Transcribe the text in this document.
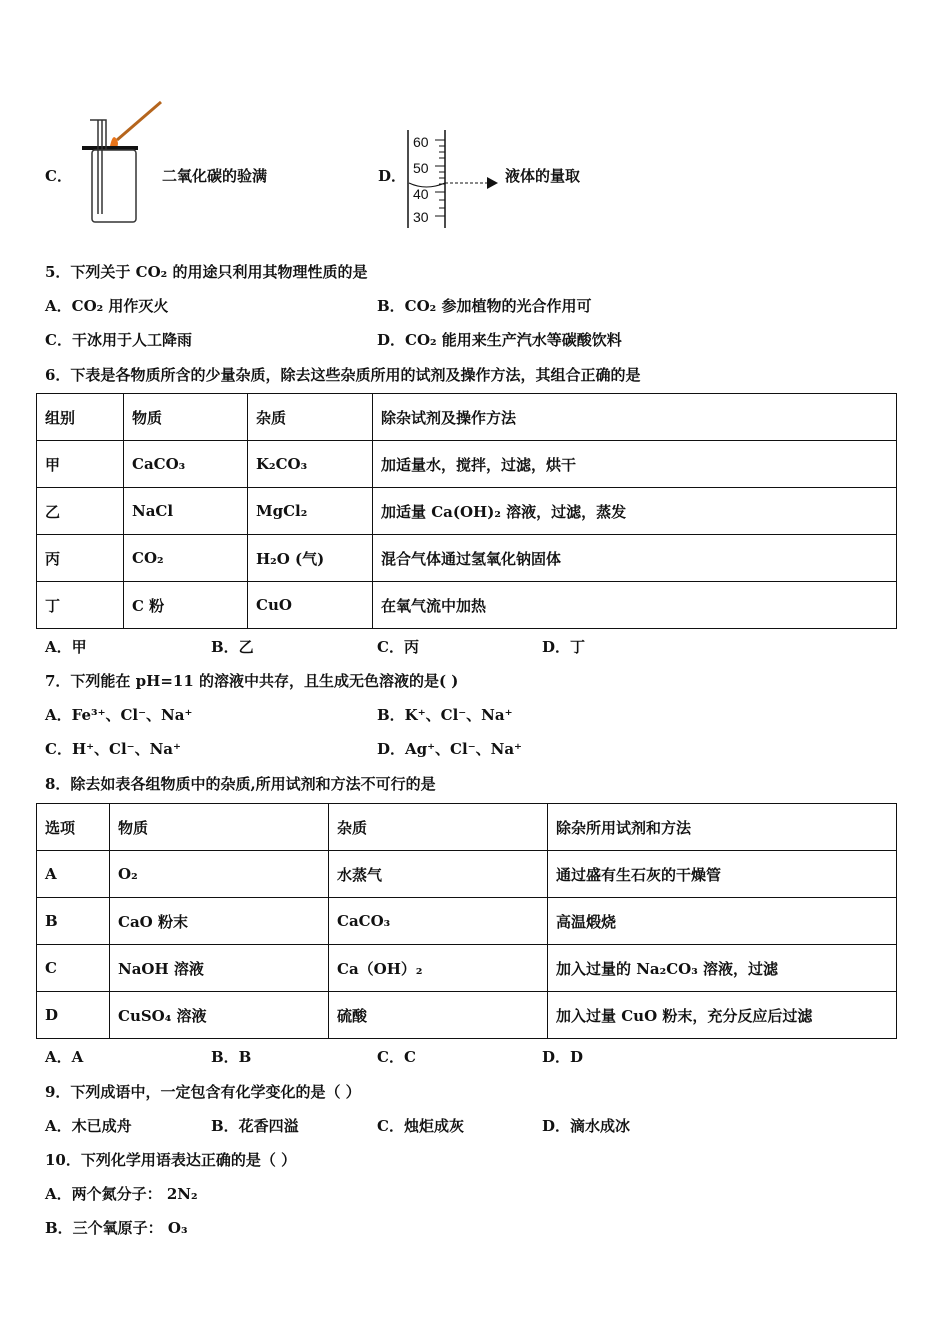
C．	二氧化碳的验满	D．
60
50
40
30
液体的量取
5．下列关于 CO₂ 的用途只利用其物理性质的是
A．CO₂ 用作灭火	B．CO₂ 参加植物的光合作用可
C．干冰用于人工降雨	D．CO₂ 能用来生产汽水等碳酸饮料
6．下表是各物质所含的少量杂质，除去这些杂质所用的试剂及操作方法，其组合正确的是
组别	物质	杂质	除杂试剂及操作方法
甲	CaCO₃	K₂CO₃	加适量水，搅拌，过滤，烘干
乙	NaCl	MgCl₂	加适量 Ca(OH)₂ 溶液，过滤，蒸发
丙	CO₂	H₂O (气)	混合气体通过氢氧化钠固体
丁	C 粉	CuO	在氧气流中加热
A．甲	B．乙	C．丙	D．丁
7．下列能在 pH=11 的溶液中共存，且生成无色溶液的是( )
A．Fe³⁺、Cl⁻、Na⁺	B．K⁺、Cl⁻、Na⁺
C．H⁺、Cl⁻、Na⁺	D．Ag⁺、Cl⁻、Na⁺
8．除去如表各组物质中的杂质,所用试剂和方法不可行的是
选项	物质	杂质	除杂所用试剂和方法
A	O₂	水蒸气	通过盛有生石灰的干燥管
B	CaO 粉末	CaCO₃	高温煅烧
C	NaOH 溶液	Ca（OH）₂	加入过量的 Na₂CO₃ 溶液，过滤
D	CuSO₄ 溶液	硫酸	加入过量 CuO 粉末，充分反应后过滤
A．A	B．B	C．C	D．D
9．下列成语中，一定包含有化学变化的是（ ）
A．木已成舟	B．花香四溢	C．烛炬成灰	D．滴水成冰
10．下列化学用语表达正确的是（ ）
A．两个氮分子： 2N₂
B．三个氧原子： O₃
